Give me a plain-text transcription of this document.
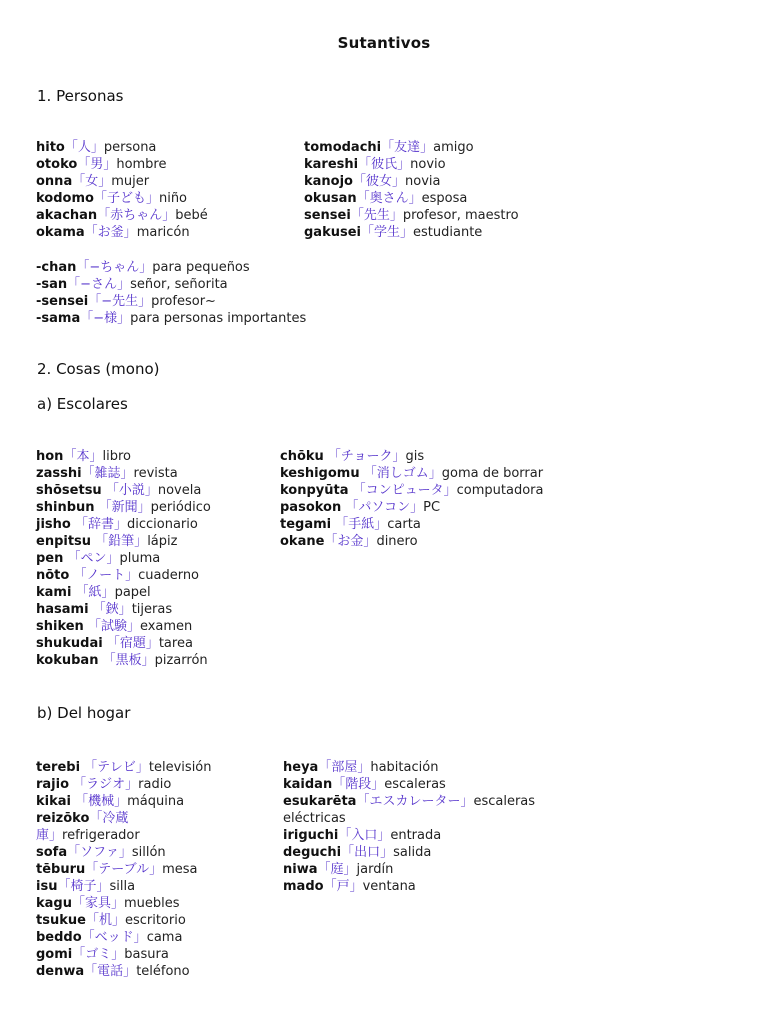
Sutantivos
1. Personas
hito「人」persona
otoko「男」hombre
onna「女」mujer
kodomo「子ども」niño
akachan「赤ちゃん」bebé
okama「お釜」maricón
tomodachi「友達」amigo
kareshi「彼氏」novio
kanojo「彼女」novia
okusan「奥さん」esposa
sensei「先生」profesor, maestro
gakusei「学生」estudiante
-chan「−ちゃん」para pequeños
-san「−さん」señor, señorita
-sensei「−先生」profesor~
-sama「−様」para personas importantes
2. Cosas (mono)
a) Escolares
hon「本」libro
zasshi「雑誌」revista
shōsetsu 「小説」novela
shinbun 「新聞」periódico
jisho 「辞書」diccionario
enpitsu 「鉛筆」lápiz
pen 「ペン」pluma
nōto 「ノート」cuaderno
kami 「紙」papel
hasami 「鋏」tijeras
shiken 「試験」examen
shukudai 「宿題」tarea
kokuban 「黒板」pizarrón
chōku 「チョーク」gis
keshigomu 「消しゴム」goma de borrar
konpyūta 「コンピュータ」computadora
pasokon 「パソコン」PC
tegami 「手紙」carta
okane「お金」dinero
b) Del hogar
terebi 「テレビ」televisión
rajio 「ラジオ」radio
kikai 「機械」máquina
reizōko「冷蔵
庫」refrigerador
sofa「ソファ」sillón
tēburu「テーブル」mesa
isu「椅子」silla
kagu「家具」muebles
tsukue「机」escritorio
beddo「ベッド」cama
gomi「ゴミ」basura
denwa「電話」teléfono
heya「部屋」habitación
kaidan「階段」escaleras
esukarēta「エスカレーター」escaleras
eléctricas
iriguchi「入口」entrada
deguchi「出口」salida
niwa「庭」jardín
mado「戸」ventana
